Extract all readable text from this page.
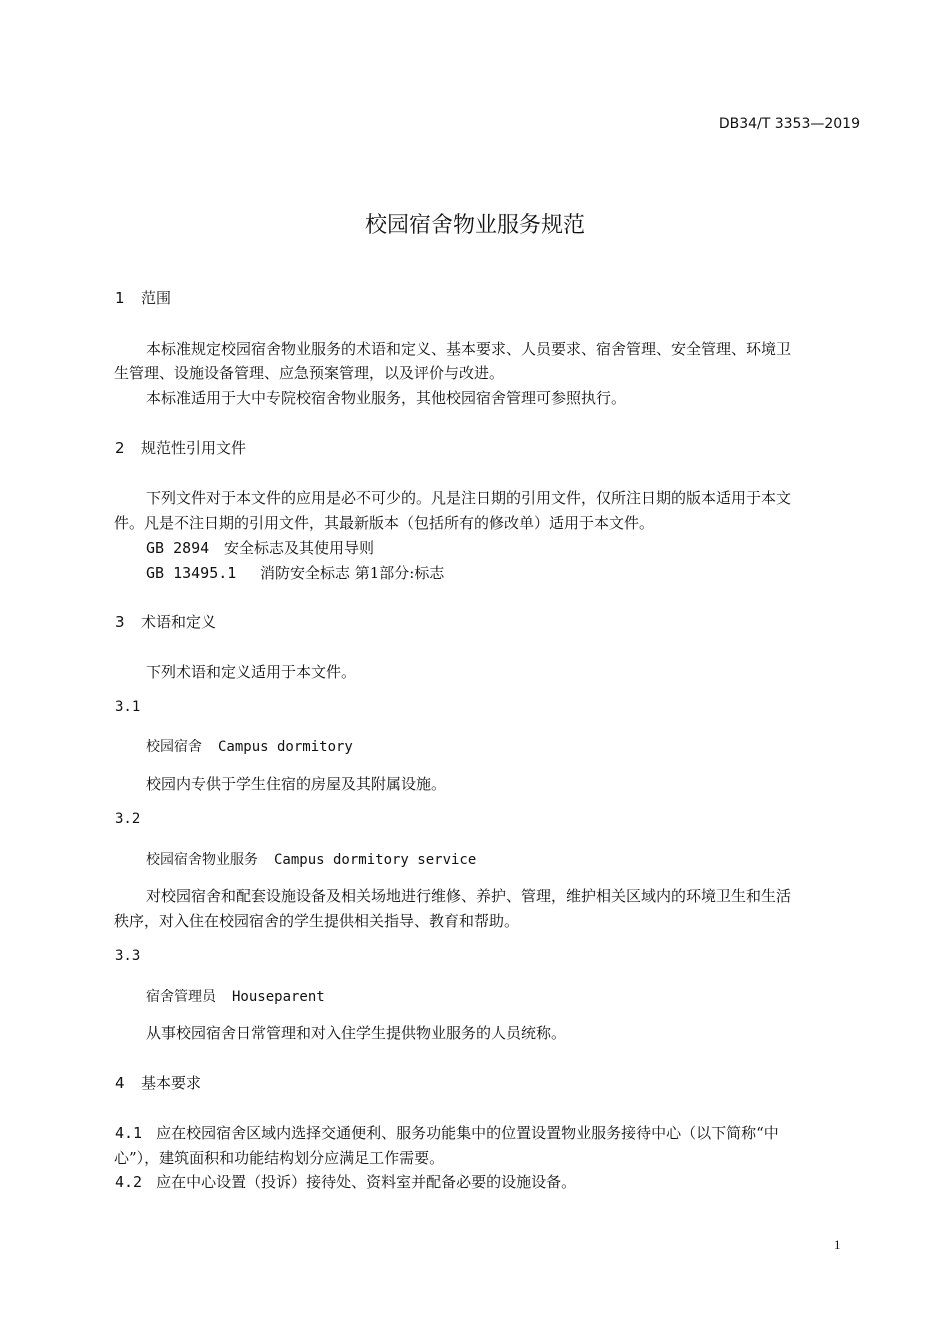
DB34/T 3353—2019
校园宿舍物业服务规范
1 范围
本标准规定校园宿舍物业服务的术语和定义、基本要求、人员要求、宿舍管理、安全管理、环境卫
生管理、设施设备管理、应急预案管理，以及评价与改进。
本标准适用于大中专院校宿舍物业服务，其他校园宿舍管理可参照执行。
2 规范性引用文件
下列文件对于本文件的应用是必不可少的。凡是注日期的引用文件，仅所注日期的版本适用于本文
件。凡是不注日期的引用文件，其最新版本（包括所有的修改单）适用于本文件。
GB 2894 安全标志及其使用导则
GB 13495.1 消防安全标志 第1部分:标志
3 术语和定义
下列术语和定义适用于本文件。
3.1
校园宿舍 Campus dormitory
校园内专供于学生住宿的房屋及其附属设施。
3.2
校园宿舍物业服务 Campus dormitory service
对校园宿舍和配套设施设备及相关场地进行维修、养护、管理，维护相关区域内的环境卫生和生活
秩序，对入住在校园宿舍的学生提供相关指导、教育和帮助。
3.3
宿舍管理员 Houseparent
从事校园宿舍日常管理和对入住学生提供物业服务的人员统称。
4 基本要求
4.1 应在校园宿舍区域内选择交通便利、服务功能集中的位置设置物业服务接待中心（以下简称“中
心”），建筑面积和功能结构划分应满足工作需要。
4.2 应在中心设置（投诉）接待处、资料室并配备必要的设施设备。
1
